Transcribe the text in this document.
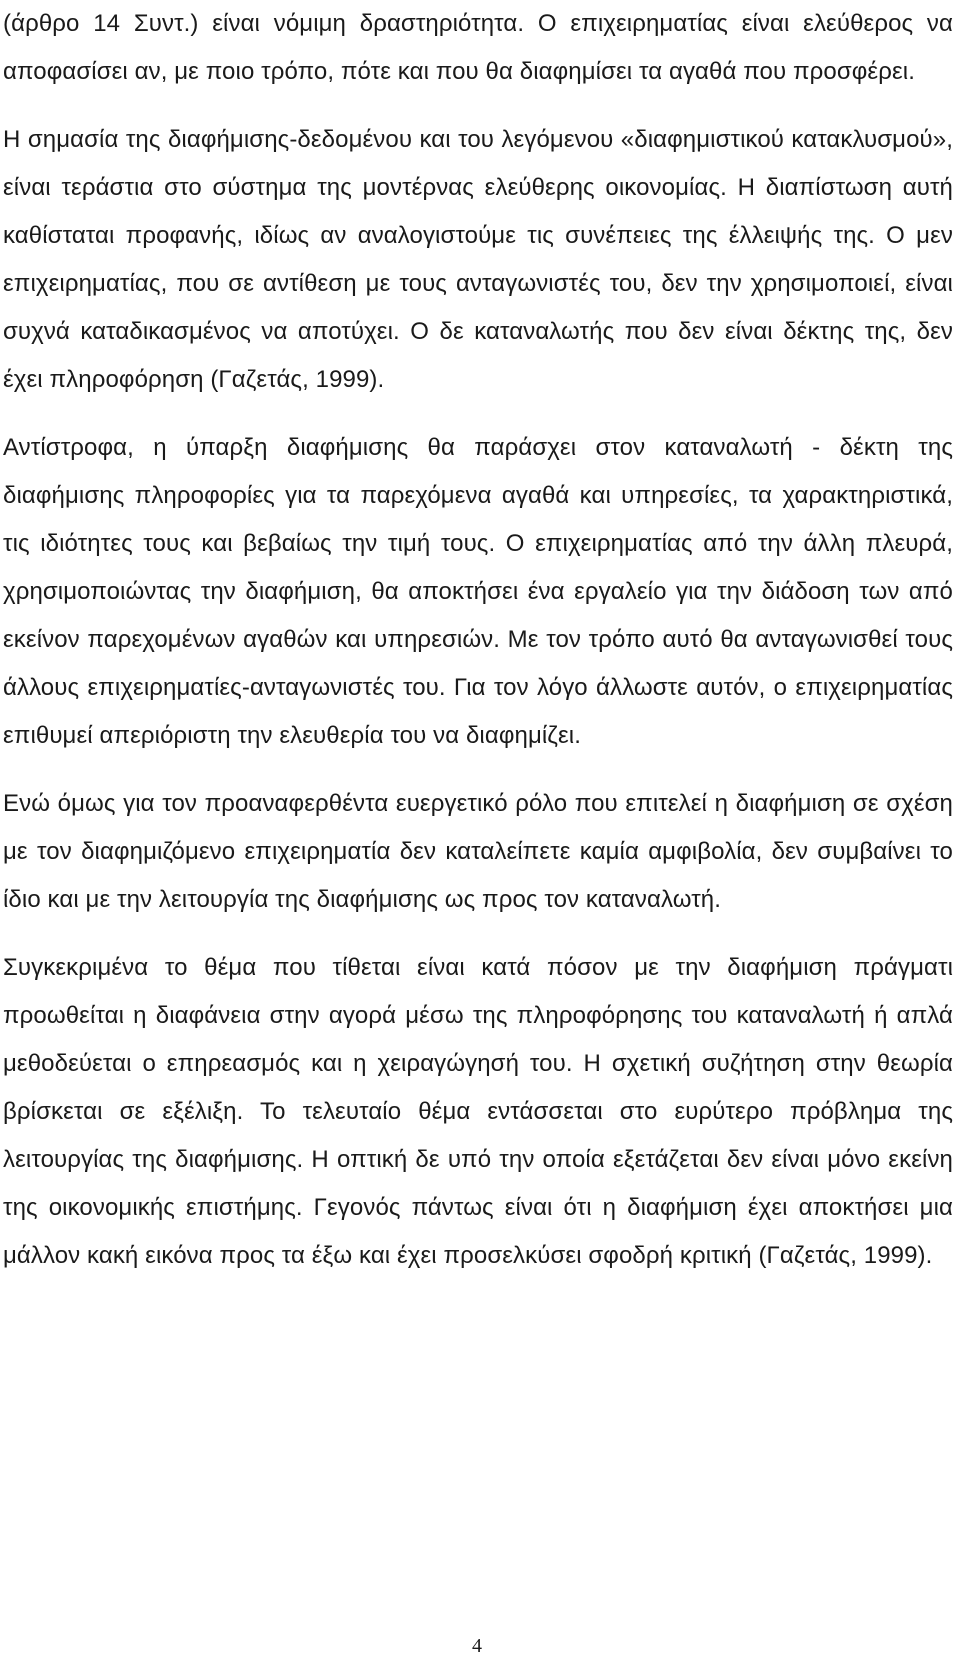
(άρθρο 14 Συντ.) είναι νόμιμη δραστηριότητα. Ο επιχειρηματίας είναι ελεύθερος να αποφασίσει αν, με ποιο τρόπο, πότε και που θα διαφημίσει τα αγαθά που προσφέρει.

Η σημασία της διαφήμισης-δεδομένου και του λεγόμενου «διαφημιστικού κατακλυσμού», είναι τεράστια στο σύστημα της μοντέρνας ελεύθερης οικονομίας. Η διαπίστωση αυτή καθίσταται προφανής, ιδίως αν αναλογιστούμε τις συνέπειες της έλλειψής της. Ο μεν επιχειρηματίας, που σε αντίθεση με τους ανταγωνιστές του, δεν την χρησιμοποιεί, είναι συχνά καταδικασμένος να αποτύχει. Ο δε καταναλωτής που δεν είναι δέκτης της, δεν έχει πληροφόρηση (Γαζετάς, 1999).

Αντίστροφα, η ύπαρξη διαφήμισης θα παράσχει στον καταναλωτή - δέκτη της διαφήμισης πληροφορίες για τα παρεχόμενα αγαθά και υπηρεσίες, τα χαρακτηριστικά, τις ιδιότητες τους και βεβαίως την τιμή τους. Ο επιχειρηματίας από την άλλη πλευρά, χρησιμοποιώντας την διαφήμιση, θα αποκτήσει ένα εργαλείο για την διάδοση των από εκείνον παρεχομένων αγαθών και υπηρεσιών. Με τον τρόπο αυτό θα ανταγωνισθεί τους άλλους επιχειρηματίες-ανταγωνιστές του. Για τον λόγο άλλωστε αυτόν, ο επιχειρηματίας επιθυμεί απεριόριστη την ελευθερία του να διαφημίζει.

Ενώ όμως για τον προαναφερθέντα ευεργετικό ρόλο που επιτελεί η διαφήμιση σε σχέση με τον διαφημιζόμενο επιχειρηματία δεν καταλείπετε καμία αμφιβολία, δεν συμβαίνει το ίδιο και με την λειτουργία της διαφήμισης ως προς τον καταναλωτή.

Συγκεκριμένα το θέμα που τίθεται είναι κατά πόσον με την διαφήμιση πράγματι προωθείται η διαφάνεια στην αγορά μέσω της πληροφόρησης του καταναλωτή ή απλά μεθοδεύεται ο επηρεασμός και η χειραγώγησή του. Η σχετική συζήτηση στην θεωρία βρίσκεται σε εξέλιξη. Το τελευταίο θέμα εντάσσεται στο ευρύτερο πρόβλημα της λειτουργίας της διαφήμισης. Η οπτική δε υπό την οποία εξετάζεται δεν είναι μόνο εκείνη της οικονομικής επιστήμης. Γεγονός πάντως είναι ότι η διαφήμιση έχει αποκτήσει μια μάλλον κακή εικόνα προς τα έξω και έχει προσελκύσει σφοδρή κριτική (Γαζετάς, 1999).

4
